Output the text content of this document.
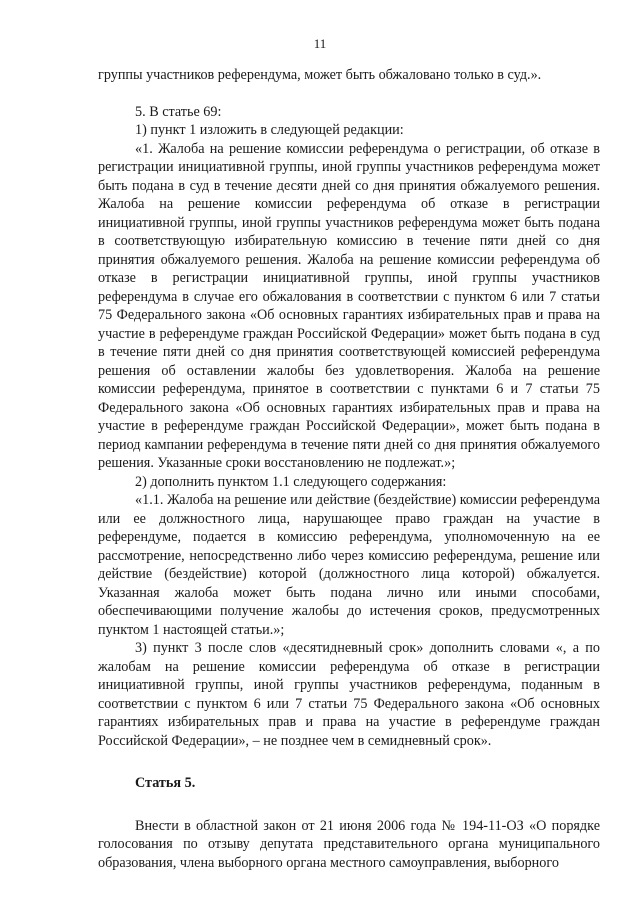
11

группы участников референдума, может быть обжаловано только в суд.».

5. В статье 69:

1) пункт 1 изложить в следующей редакции:

«1. Жалоба на решение комиссии референдума о регистрации, об отказе в регистрации инициативной группы, иной группы участников референдума может быть подана в суд в течение десяти дней со дня принятия обжалуемого решения. Жалоба на решение комиссии референдума об отказе в регистрации инициативной группы, иной группы участников референдума может быть подана в соответствующую избирательную комиссию в течение пяти дней со дня принятия обжалуемого решения. Жалоба на решение комиссии референдума об отказе в регистрации инициативной группы, иной группы участников референдума в случае его обжалования в соответствии с пунктом 6 или 7 статьи 75 Федерального закона «Об основных гарантиях избирательных прав и права на участие в референдуме граждан Российской Федерации» может быть подана в суд в течение пяти дней со дня принятия соответствующей комиссией референдума решения об оставлении жалобы без удовлетворения. Жалоба на решение комиссии референдума, принятое в соответствии с пунктами 6 и 7 статьи 75 Федерального закона «Об основных гарантиях избирательных прав и права на участие в референдуме граждан Российской Федерации», может быть подана в период кампании референдума в течение пяти дней со дня принятия обжалуемого решения. Указанные сроки восстановлению не подлежат.»;

2) дополнить пунктом 1.1 следующего содержания:

«1.1. Жалоба на решение или действие (бездействие) комиссии референдума или ее должностного лица, нарушающее право граждан на участие в референдуме, подается в комиссию референдума, уполномоченную на ее рассмотрение, непосредственно либо через комиссию референдума, решение или действие (бездействие) которой (должностного лица которой) обжалуется. Указанная жалоба может быть подана лично или иными способами, обеспечивающими получение жалобы до истечения сроков, предусмотренных пунктом 1 настоящей статьи.»;

3) пункт 3 после слов «десятидневный срок» дополнить словами «, а по жалобам на решение комиссии референдума об отказе в регистрации инициативной группы, иной группы участников референдума, поданным в соответствии с пунктом 6 или 7 статьи 75 Федерального закона «Об основных гарантиях избирательных прав и права на участие в референдуме граждан Российской Федерации», – не позднее чем в семидневный срок».

Статья 5.

Внести в областной закон от 21 июня 2006 года № 194-11-ОЗ «О порядке голосования по отзыву депутата представительного органа муниципального образования, члена выборного органа местного самоуправления, выборного
